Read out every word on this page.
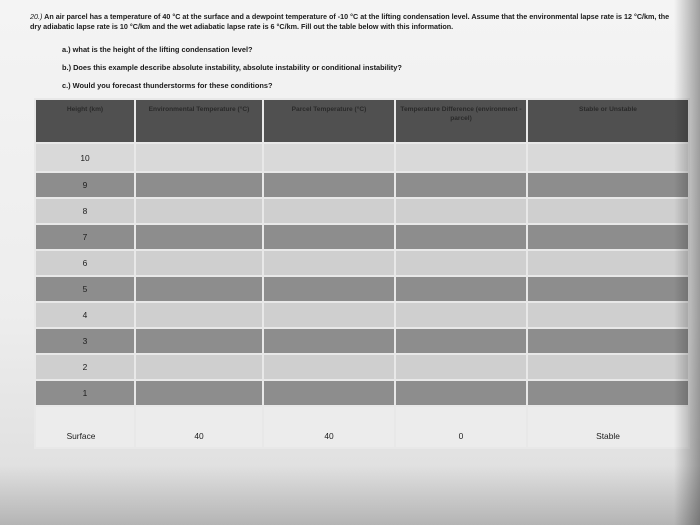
20.) An air parcel has a temperature of 40 °C at the surface and a dewpoint temperature of -10 °C at the lifting condensation level. Assume that the environmental lapse rate is 12 °C/km, the dry adiabatic lapse rate is 10 °C/km and the wet adiabatic lapse rate is 6 °C/km. Fill out the table below with this information.
a.) what is the height of the lifting condensation level?
b.) Does this example describe absolute instability, absolute instability or conditional instability?
c.) Would you forecast thunderstorms for these conditions?
Height (km)	Environmental Temperature (°C)	Parcel Temperature (°C)	Temperature Difference (environment -parcel)	Stable or Unstable
10				
9				
8				
7				
6				
5				
4				
3				
2				
1				
Surface	40	40	0	Stable
